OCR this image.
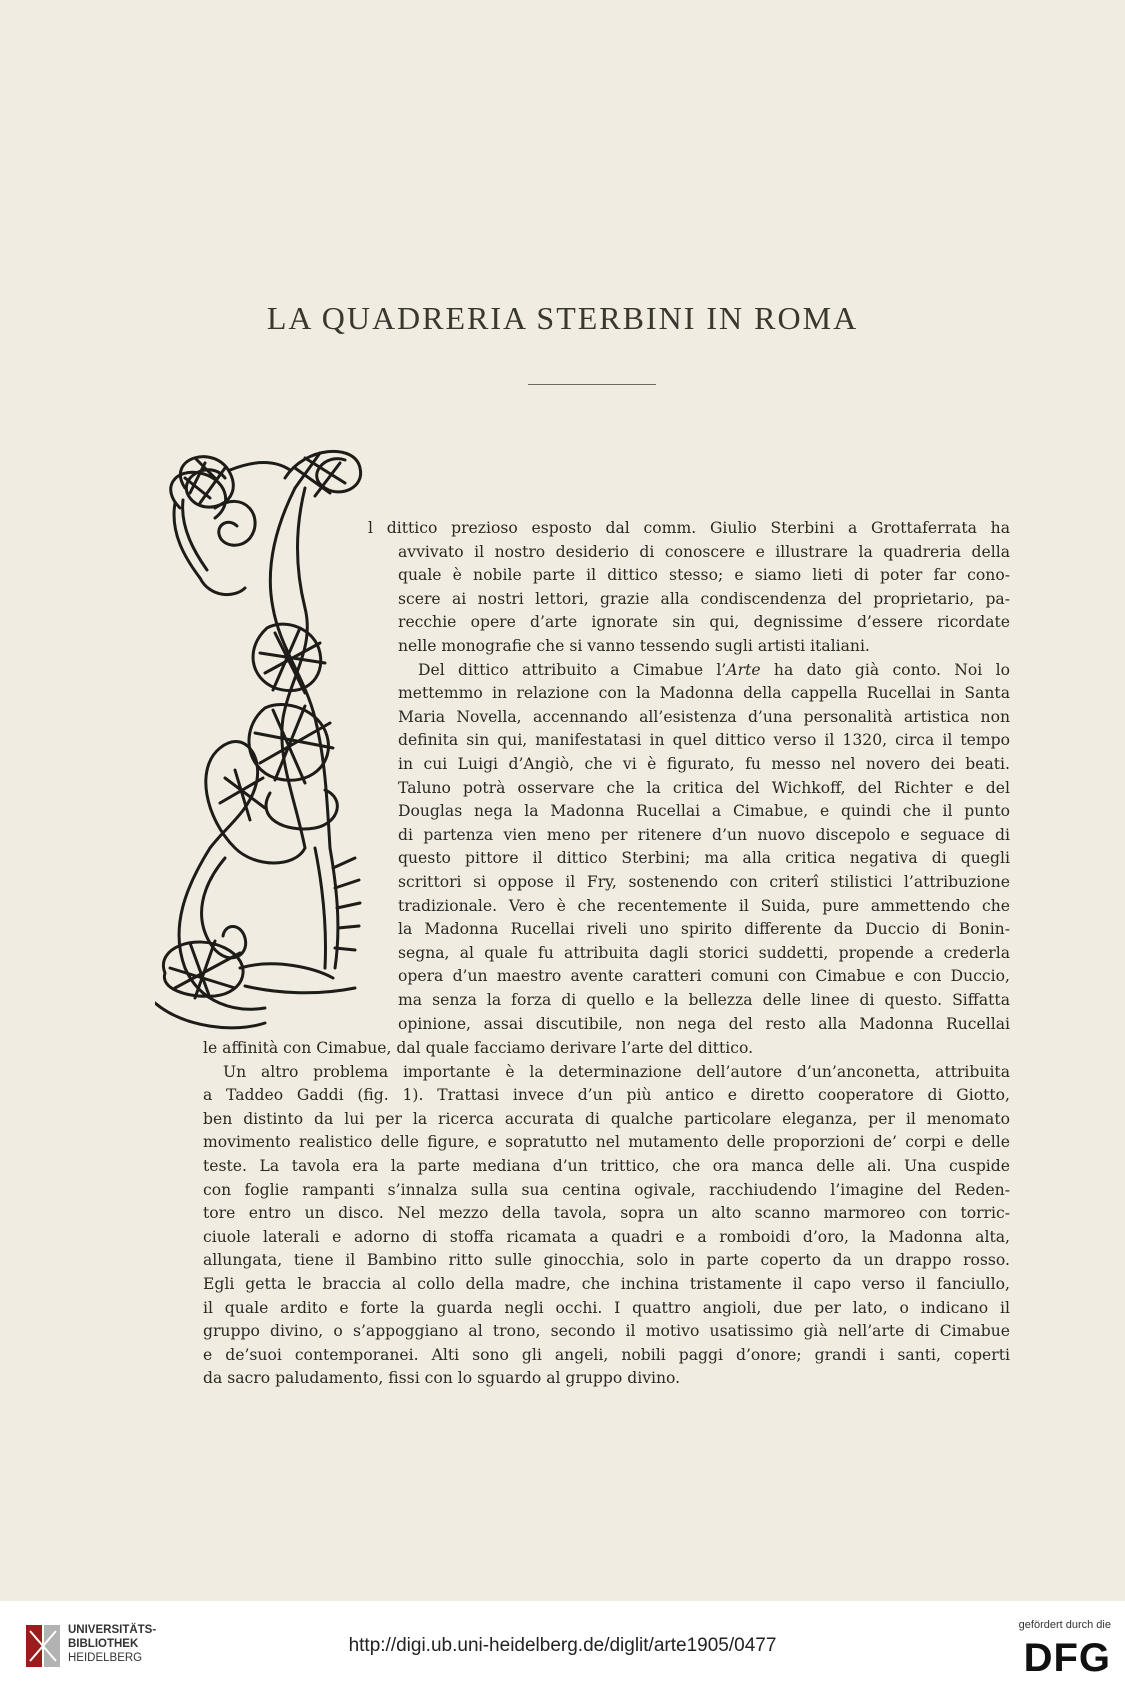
LA QUADRERIA STERBINI IN ROMA
l dittico prezioso esposto dal comm. Giulio Sterbini a Grottaferrata ha
avvivato il nostro desiderio di conoscere e illustrare la quadreria della
quale è nobile parte il dittico stesso; e siamo lieti di poter far cono-
scere ai nostri lettori, grazie alla condiscendenza del proprietario, pa-
recchie opere d’arte ignorate sin qui, degnissime d’essere ricordate
nelle monografie che si vanno tessendo sugli artisti italiani.
Del dittico attribuito a Cimabue l’Arte ha dato già conto. Noi lo
mettemmo in relazione con la Madonna della cappella Rucellai in Santa
Maria Novella, accennando all’esistenza d’una personalità artistica non
definita sin qui, manifestatasi in quel dittico verso il 1320, circa il tempo
in cui Luigi d’Angiò, che vi è figurato, fu messo nel novero dei beati.
Taluno potrà osservare che la critica del Wichkoff, del Richter e del
Douglas nega la Madonna Rucellai a Cimabue, e quindi che il punto
di partenza vien meno per ritenere d’un nuovo discepolo e seguace di
questo pittore il dittico Sterbini; ma alla critica negativa di quegli
scrittori si oppose il Fry, sostenendo con criterî stilistici l’attribuzione
tradizionale. Vero è che recentemente il Suida, pure ammettendo che
la Madonna Rucellai riveli uno spirito differente da Duccio di Bonin-
segna, al quale fu attribuita dagli storici suddetti, propende a crederla
opera d’un maestro avente caratteri comuni con Cimabue e con Duccio,
ma senza la forza di quello e la bellezza delle linee di questo. Siffatta
opinione, assai discutibile, non nega del resto alla Madonna Rucellai
le affinità con Cimabue, dal quale facciamo derivare l’arte del dittico.
Un altro problema importante è la determinazione dell’autore d’un’anconetta, attribuita
a Taddeo Gaddi (fig. 1). Trattasi invece d’un più antico e diretto cooperatore di Giotto,
ben distinto da lui per la ricerca accurata di qualche particolare eleganza, per il menomato
movimento realistico delle figure, e sopratutto nel mutamento delle proporzioni de’ corpi e delle
teste. La tavola era la parte mediana d’un trittico, che ora manca delle ali. Una cuspide
con foglie rampanti s’innalza sulla sua centina ogivale, racchiudendo l’imagine del Reden-
tore entro un disco. Nel mezzo della tavola, sopra un alto scanno marmoreo con torric-
ciuole laterali e adorno di stoffa ricamata a quadri e a romboidi d’oro, la Madonna alta,
allungata, tiene il Bambino ritto sulle ginocchia, solo in parte coperto da un drappo rosso.
Egli getta le braccia al collo della madre, che inchina tristamente il capo verso il fanciullo,
il quale ardito e forte la guarda negli occhi. I quattro angioli, due per lato, o indicano il
gruppo divino, o s’appoggiano al trono, secondo il motivo usatissimo già nell’arte di Cimabue
e de’suoi contemporanei. Alti sono gli angeli, nobili paggi d’onore; grandi i santi, coperti
da sacro paludamento, fissi con lo sguardo al gruppo divino.
UNIVERSITÄTS-
BIBLIOTHEK
HEIDELBERG
http://digi.ub.uni-heidelberg.de/diglit/arte1905/0477
gefördert durch die
DFG
